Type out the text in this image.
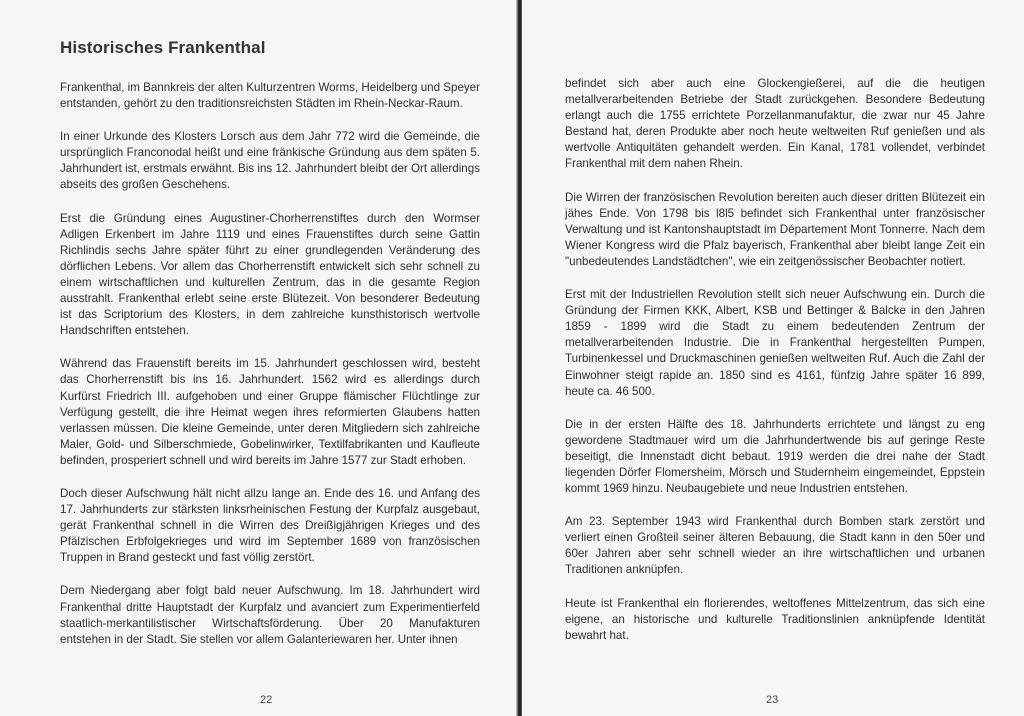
Historisches Frankenthal

Frankenthal, im Bannkreis der alten Kulturzentren Worms, Heidelberg und Speyer entstanden, gehört zu den traditionsreichsten Städten im Rhein-Neckar-Raum.

In einer Urkunde des Klosters Lorsch aus dem Jahr 772 wird die Gemeinde, die ursprünglich Franconodal heißt und eine fränkische Gründung aus dem späten 5. Jahrhundert ist, erstmals erwähnt. Bis ins 12. Jahrhundert bleibt der Ort allerdings abseits des großen Geschehens.

Erst die Gründung eines Augustiner-Chorherrenstiftes durch den Wormser Adligen Erkenbert im Jahre 1119 und eines Frauenstiftes durch seine Gattin Richlindis sechs Jahre später führt zu einer grundlegenden Veränderung des dörflichen Lebens. Vor allem das Chorherrenstift entwickelt sich sehr schnell zu einem wirtschaftlichen und kulturellen Zentrum, das in die gesamte Region ausstrahlt. Frankenthal erlebt seine erste Blütezeit. Von besonderer Bedeutung ist das Scriptorium des Klosters, in dem zahlreiche kunsthistorisch wertvolle Handschriften entstehen.

Während das Frauenstift bereits im 15. Jahrhundert geschlossen wird, besteht das Chorherrenstift bis ins 16. Jahrhundert. 1562 wird es allerdings durch Kurfürst Friedrich III. aufgehoben und einer Gruppe flämischer Flüchtlinge zur Verfügung gestellt, die ihre Heimat wegen ihres reformierten Glaubens hatten verlassen müssen. Die kleine Gemeinde, unter deren Mitgliedern sich zahlreiche Maler, Gold- und Silberschmiede, Gobelinwirker, Textilfabrikanten und Kaufleute befinden, prosperiert schnell und wird bereits im Jahre 1577 zur Stadt erhoben.

Doch dieser Aufschwung hält nicht allzu lange an. Ende des 16. und Anfang des 17. Jahrhunderts zur stärksten linksrheinischen Festung der Kurpfalz ausgebaut, gerät Frankenthal schnell in die Wirren des Dreißigjährigen Krieges und des Pfälzischen Erbfolgekrieges und wird im September 1689 von französischen Truppen in Brand gesteckt und fast völlig zerstört.

Dem Niedergang aber folgt bald neuer Aufschwung. Im 18. Jahrhundert wird Frankenthal dritte Hauptstadt der Kurpfalz und avanciert zum Experimentierfeld staatlich-merkantilistischer Wirtschaftsförderung. Über 20 Manufakturen entstehen in der Stadt. Sie stellen vor allem Galanteriewaren her. Unter ihnen

22

befindet sich aber auch eine Glockengießerei, auf die die heutigen metallverarbeitenden Betriebe der Stadt zurückgehen. Besondere Bedeutung erlangt auch die 1755 errichtete Porzellanmanufaktur, die zwar nur 45 Jahre Bestand hat, deren Produkte aber noch heute weltweiten Ruf genießen und als wertvolle Antiquitäten gehandelt werden. Ein Kanal, 1781 vollendet, verbindet Frankenthal mit dem nahen Rhein.

Die Wirren der französischen Revolution bereiten auch dieser dritten Blütezeit ein jähes Ende. Von 1798 bis l8l5 befindet sich Frankenthal unter französischer Verwaltung und ist Kantonshauptstadt im Département Mont Tonnerre. Nach dem Wiener Kongress wird die Pfalz bayerisch, Frankenthal aber bleibt lange Zeit ein "unbedeutendes Landstädtchen", wie ein zeitgenössischer Beobachter notiert.

Erst mit der Industriellen Revolution stellt sich neuer Aufschwung ein. Durch die Gründung der Firmen KKK, Albert, KSB und Bettinger & Balcke in den Jahren 1859 - 1899 wird die Stadt zu einem bedeutenden Zentrum der metallverarbeitenden Industrie. Die in Frankenthal hergestellten Pumpen, Turbinenkessel und Druckmaschinen genießen weltweiten Ruf. Auch die Zahl der Einwohner steigt rapide an. 1850 sind es 4161, fünfzig Jahre später 16 899, heute ca. 46 500.

Die in der ersten Hälfte des 18. Jahrhunderts errichtete und längst zu eng gewordene Stadtmauer wird um die Jahrhundertwende bis auf geringe Reste beseitigt, die Innenstadt dicht bebaut. 1919 werden die drei nahe der Stadt liegenden Dörfer Flomersheim, Mörsch und Studernheim eingemeindet, Eppstein kommt 1969 hinzu. Neubaugebiete und neue Industrien entstehen.

Am 23. September 1943 wird Frankenthal durch Bomben stark zerstört und verliert einen Großteil seiner älteren Bebauung, die Stadt kann in den 50er und 60er Jahren aber sehr schnell wieder an ihre wirtschaftlichen und urbanen Traditionen anknüpfen.

Heute ist Frankenthal ein florierendes, weltoffenes Mittelzentrum, das sich eine eigene, an historische und kulturelle Traditionslinien anknüpfende Identität bewahrt hat.

23
